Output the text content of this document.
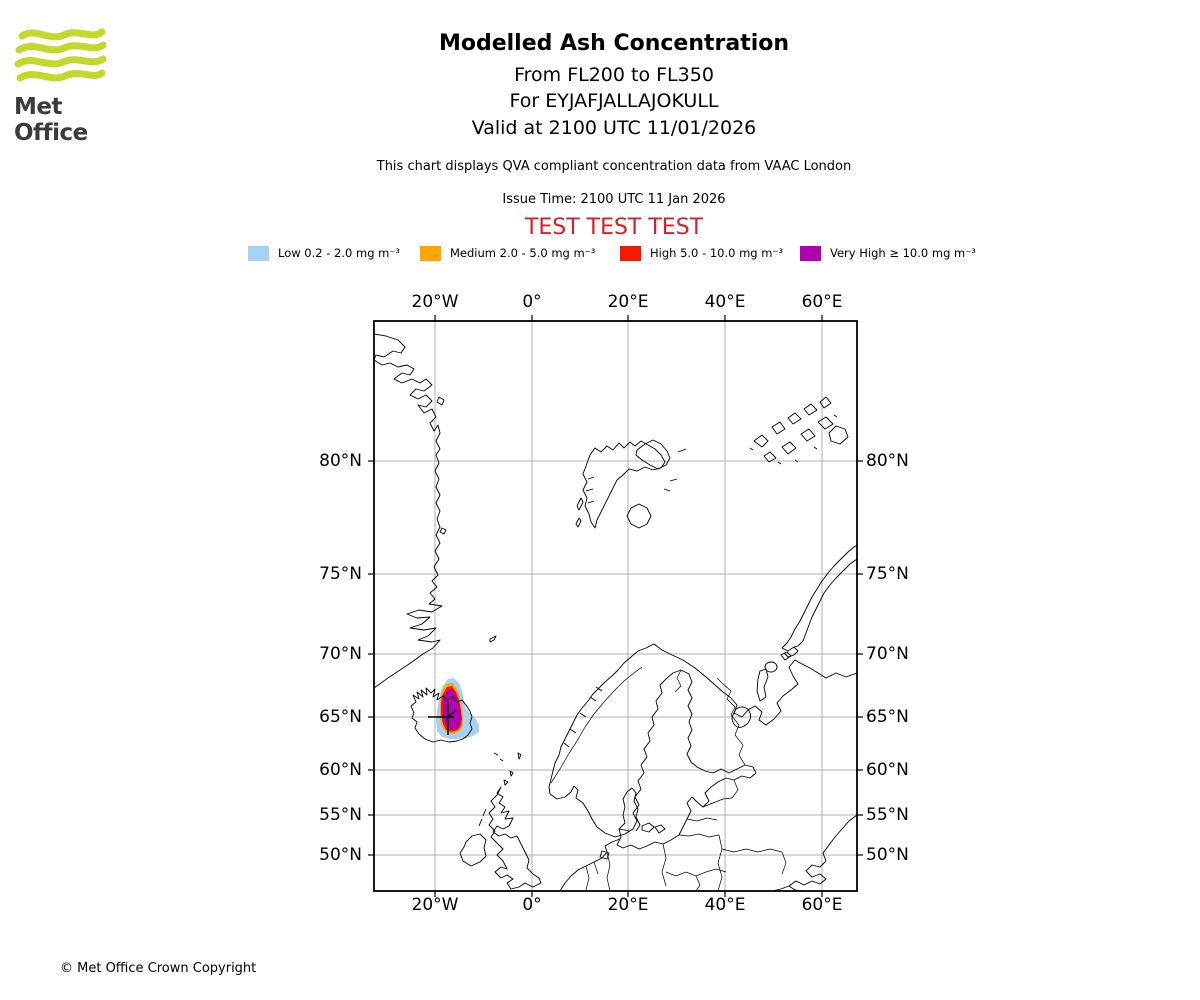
Met Office
Modelled Ash Concentration
From FL200 to FL350
For EYJAFJALLAJOKULL
Valid at 2100 UTC 11/01/2026
This chart displays QVA compliant concentration data from VAAC London
Issue Time: 2100 UTC 11 Jan 2026
TEST TEST TEST
Low 0.2 - 2.0 mg m⁻³	Medium 2.0 - 5.0 mg m⁻³	High 5.0 - 10.0 mg m⁻³	Very High ≥ 10.0 mg m⁻³
20°W	0°	20°E	40°E	60°E
20°W	0°	20°E	40°E	60°E
80°N
75°N
70°N
65°N
60°N
55°N
50°N
80°N
75°N
70°N
65°N
60°N
55°N
50°N
© Met Office Crown Copyright
